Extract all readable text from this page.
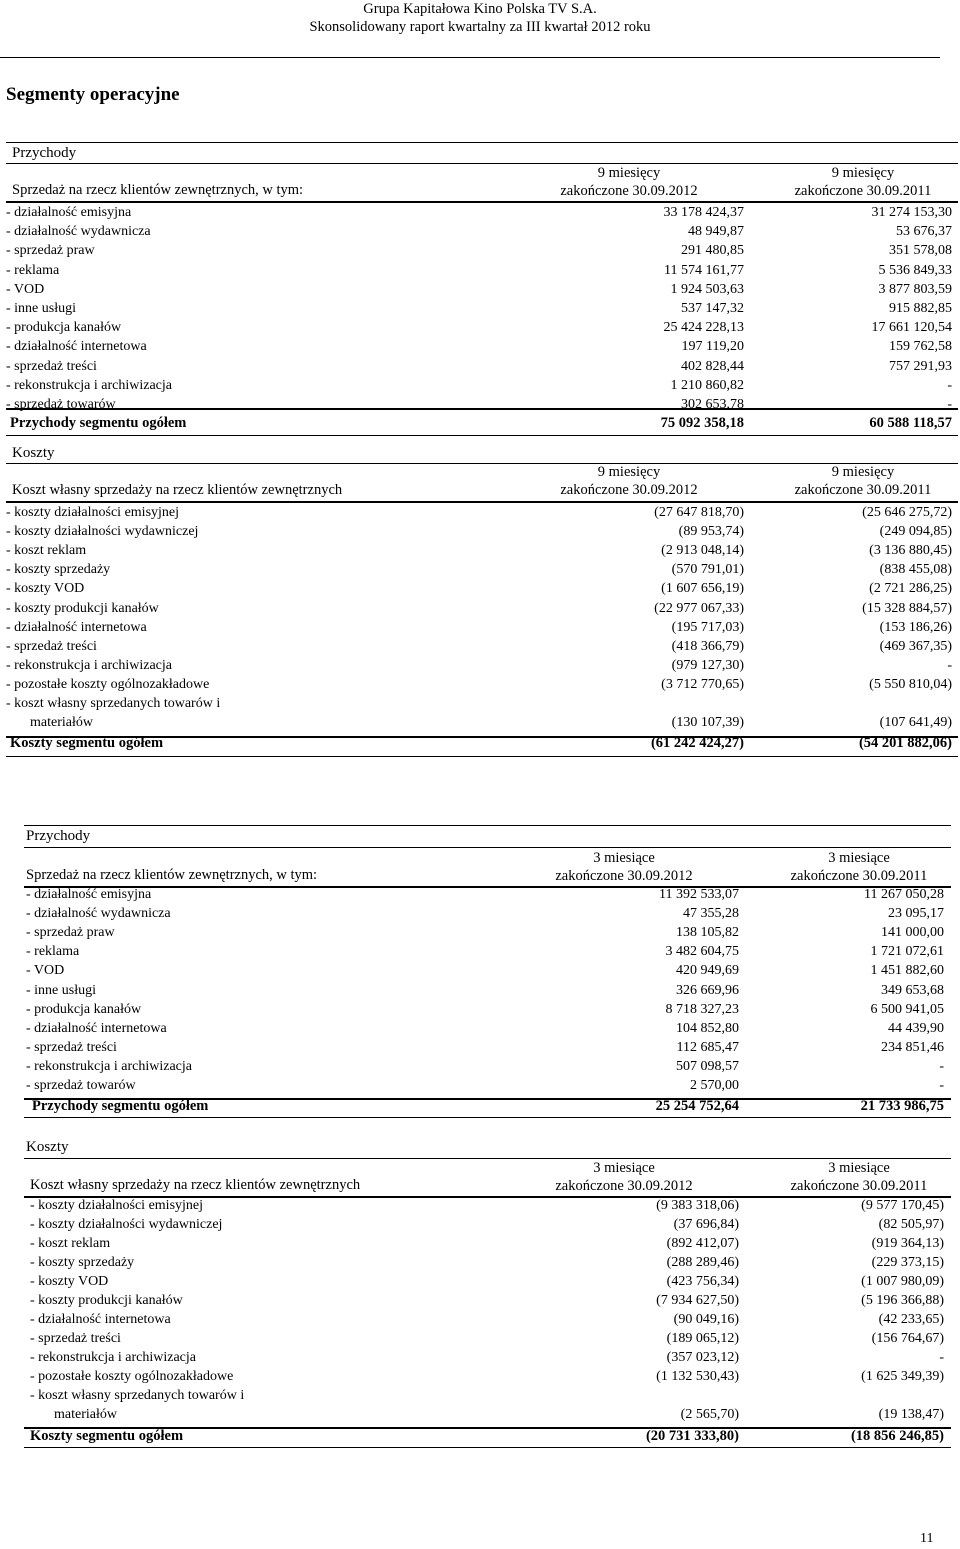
Grupa Kapitałowa Kino Polska TV S.A.
Skonsolidowany raport kwartalny za III kwartał 2012 roku
Segmenty operacyjne
Przychody
Sprzedaż na rzecz klientów zewnętrznych, w tym:
9 miesięcy
zakończone 30.09.2012
9 miesięcy
zakończone 30.09.2011
- działalność emisyjna	33 178 424,37	31 274 153,30
- działalność wydawnicza	48 949,87	53 676,37
- sprzedaż praw	291 480,85	351 578,08
- reklama	11 574 161,77	5 536 849,33
- VOD	1 924 503,63	3 877 803,59
- inne usługi	537 147,32	915 882,85
- produkcja kanałów	25 424 228,13	17 661 120,54
- działalność internetowa	197 119,20	159 762,58
- sprzedaż treści	402 828,44	757 291,93
- rekonstrukcja i archiwizacja	1 210 860,82	-
- sprzedaż towarów	302 653,78	-
Przychody segmentu ogółem	75 092 358,18	60 588 118,57
Koszty
Koszt własny sprzedaży na rzecz klientów zewnętrznych
9 miesięcy
zakończone 30.09.2012
9 miesięcy
zakończone 30.09.2011
- koszty działalności emisyjnej	(27 647 818,70)	(25 646 275,72)
- koszty działalności wydawniczej	(89 953,74)	(249 094,85)
- koszt reklam	(2 913 048,14)	(3 136 880,45)
- koszty sprzedaży	(570 791,01)	(838 455,08)
- koszty VOD	(1 607 656,19)	(2 721 286,25)
- koszty produkcji kanałów	(22 977 067,33)	(15 328 884,57)
- działalność internetowa	(195 717,03)	(153 186,26)
- sprzedaż treści	(418 366,79)	(469 367,35)
- rekonstrukcja i archiwizacja	(979 127,30)	-
- pozostałe koszty ogólnozakładowe	(3 712 770,65)	(5 550 810,04)
- koszt własny sprzedanych towarów i
materiałów	(130 107,39)	(107 641,49)
Koszty segmentu ogółem	(61 242 424,27)	(54 201 882,06)
Przychody
Sprzedaż na rzecz klientów zewnętrznych, w tym:
3 miesiące
zakończone 30.09.2012
3 miesiące
zakończone 30.09.2011
- działalność emisyjna	11 392 533,07	11 267 050,28
- działalność wydawnicza	47 355,28	23 095,17
- sprzedaż praw	138 105,82	141 000,00
- reklama	3 482 604,75	1 721 072,61
- VOD	420 949,69	1 451 882,60
- inne usługi	326 669,96	349 653,68
- produkcja kanałów	8 718 327,23	6 500 941,05
- działalność internetowa	104 852,80	44 439,90
- sprzedaż treści	112 685,47	234 851,46
- rekonstrukcja i archiwizacja	507 098,57	-
- sprzedaż towarów	2 570,00	-
Przychody segmentu ogółem	25 254 752,64	21 733 986,75
Koszty
Koszt własny sprzedaży na rzecz klientów zewnętrznych
3 miesiące
zakończone 30.09.2012
3 miesiące
zakończone 30.09.2011
- koszty działalności emisyjnej	(9 383 318,06)	(9 577 170,45)
- koszty działalności wydawniczej	(37 696,84)	(82 505,97)
- koszt reklam	(892 412,07)	(919 364,13)
- koszty sprzedaży	(288 289,46)	(229 373,15)
- koszty VOD	(423 756,34)	(1 007 980,09)
- koszty produkcji kanałów	(7 934 627,50)	(5 196 366,88)
- działalność internetowa	(90 049,16)	(42 233,65)
- sprzedaż treści	(189 065,12)	(156 764,67)
- rekonstrukcja i archiwizacja	(357 023,12)	-
- pozostałe koszty ogólnozakładowe	(1 132 530,43)	(1 625 349,39)
- koszt własny sprzedanych towarów i
materiałów	(2 565,70)	(19 138,47)
Koszty segmentu ogółem	(20 731 333,80)	(18 856 246,85)
11
